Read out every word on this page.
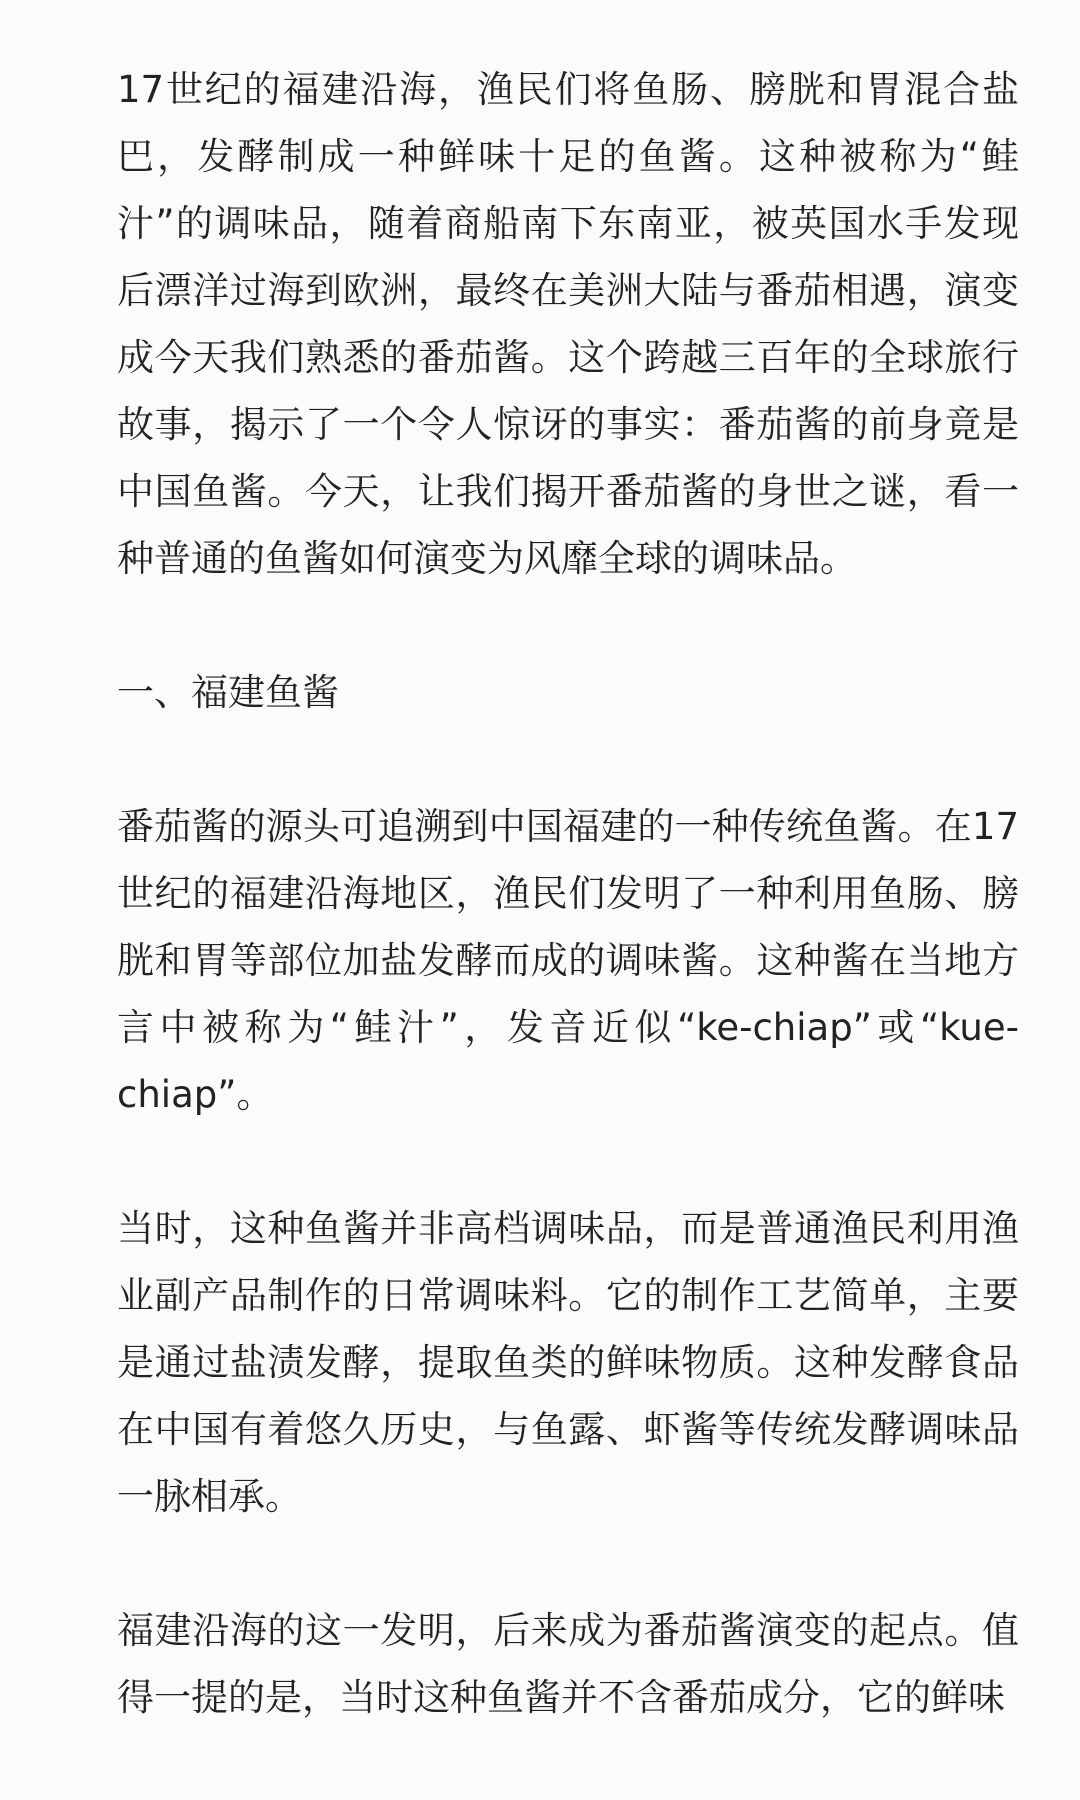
17世纪的福建沿海，渔民们将鱼肠、膀胱和胃混合盐巴，发酵制成一种鲜味十足的鱼酱。这种被称为“鲑汁”的调味品，随着商船南下东南亚，被英国水手发现后漂洋过海到欧洲，最终在美洲大陆与番茄相遇，演变成今天我们熟悉的番茄酱。这个跨越三百年的全球旅行故事，揭示了一个令人惊讶的事实：番茄酱的前身竟是中国鱼酱。今天，让我们揭开番茄酱的身世之谜，看一种普通的鱼酱如何演变为风靡全球的调味品。

一、福建鱼酱

番茄酱的源头可追溯到中国福建的一种传统鱼酱。在17世纪的福建沿海地区，渔民们发明了一种利用鱼肠、膀胱和胃等部位加盐发酵而成的调味酱。这种酱在当地方言中被称为“鲑汁”，发音近似“ke-chiap”或“kue-chiap”。

当时，这种鱼酱并非高档调味品，而是普通渔民利用渔业副产品制作的日常调味料。它的制作工艺简单，主要是通过盐渍发酵，提取鱼类的鲜味物质。这种发酵食品在中国有着悠久历史，与鱼露、虾酱等传统发酵调味品一脉相承。

福建沿海的这一发明，后来成为番茄酱演变的起点。值得一提的是，当时这种鱼酱并不含番茄成分，它的鲜味
